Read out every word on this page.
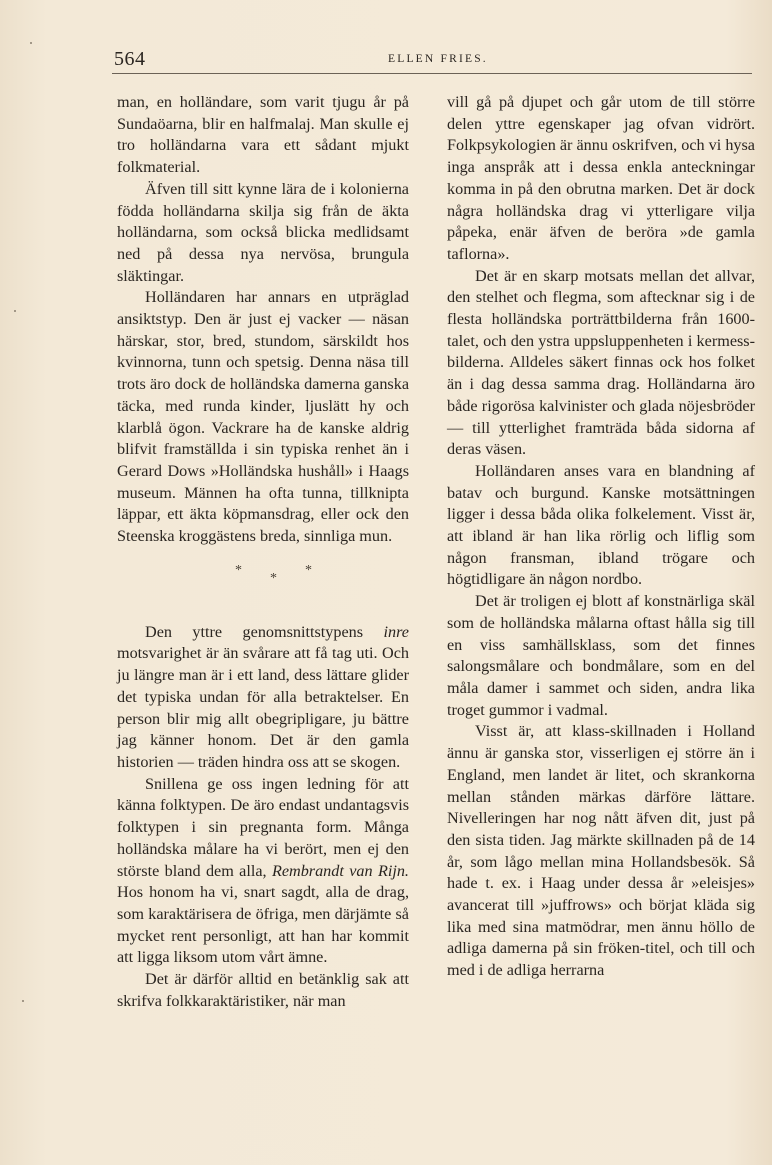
564	ELLEN FRIES.

man, en holländare, som varit tjugu år på Sundaöarna, blir en halfmalaj. Man skulle ej tro holländarna vara ett sådant mjukt folkmaterial.

Äfven till sitt kynne lära de i kolonierna födda holländarna skilja sig från de äkta holländarna, som också blicka medlidsamt ned på dessa nya nervösa, brungula släktingar.

Holländaren har annars en utpräglad ansiktstyp. Den är just ej vacker — näsan härskar, stor, bred, stundom, särskildt hos kvinnorna, tunn och spetsig. Denna näsa till trots äro dock de holländska damerna ganska täcka, med runda kinder, ljuslätt hy och klarblå ögon. Vackrare ha de kanske aldrig blifvit framställda i sin typiska renhet än i Gerard Dows »Holländska hushåll» i Haags museum. Männen ha ofta tunna, tillknipta läppar, ett äkta köpmansdrag, eller ock den Steenska kroggästens breda, sinnliga mun.

*
*
*

Den yttre genomsnittstypens inre motsvarighet är än svårare att få tag uti. Och ju längre man är i ett land, dess lättare glider det typiska undan för alla betraktelser. En person blir mig allt obegripligare, ju bättre jag känner honom. Det är den gamla historien — träden hindra oss att se skogen.

Snillena ge oss ingen ledning för att känna folktypen. De äro endast undantagsvis folktypen i sin pregnanta form. Många holländska målare ha vi berört, men ej den störste bland dem alla, Rembrandt van Rijn. Hos honom ha vi, snart sagdt, alla de drag, som karaktärisera de öfriga, men därjämte så mycket rent personligt, att han har kommit att ligga liksom utom vårt ämne.

Det är därför alltid en betänklig sak att skrifva folkkaraktäristiker, när man

vill gå på djupet och går utom de till större delen yttre egenskaper jag ofvan vidrört. Folkpsykologien är ännu oskrifven, och vi hysa inga anspråk att i dessa enkla anteckningar komma in på den obrutna marken. Det är dock några holländska drag vi ytterligare vilja påpeka, enär äfven de beröra »de gamla taflorna».

Det är en skarp motsats mellan det allvar, den stelhet och flegma, som aftecknar sig i de flesta holländska porträttbilderna från 1600-talet, och den ystra uppsluppenheten i kermess-bilderna. Alldeles säkert finnas ock hos folket än i dag dessa samma drag. Holländarna äro både rigorösa kalvinister och glada nöjesbröder — till ytterlighet framträda båda sidorna af deras väsen.

Holländaren anses vara en blandning af batav och burgund. Kanske motsättningen ligger i dessa båda olika folkelement. Visst är, att ibland är han lika rörlig och liflig som någon fransman, ibland trögare och högtidligare än någon nordbo.

Det är troligen ej blott af konstnärliga skäl som de holländska målarna oftast hålla sig till en viss samhällsklass, som det finnes salongsmålare och bondmålare, som en del måla damer i sammet och siden, andra lika troget gummor i vadmal.

Visst är, att klass-skillnaden i Holland ännu är ganska stor, visserligen ej större än i England, men landet är litet, och skrankorna mellan stånden märkas därföre lättare. Nivelleringen har nog nått äfven dit, just på den sista tiden. Jag märkte skillnaden på de 14 år, som lågo mellan mina Hollandsbesök. Så hade t. ex. i Haag under dessa år »eleisjes» avancerat till »juffrows» och börjat kläda sig lika med sina matmödrar, men ännu höllo de adliga damerna på sin fröken-titel, och till och med i de adliga herrarna
